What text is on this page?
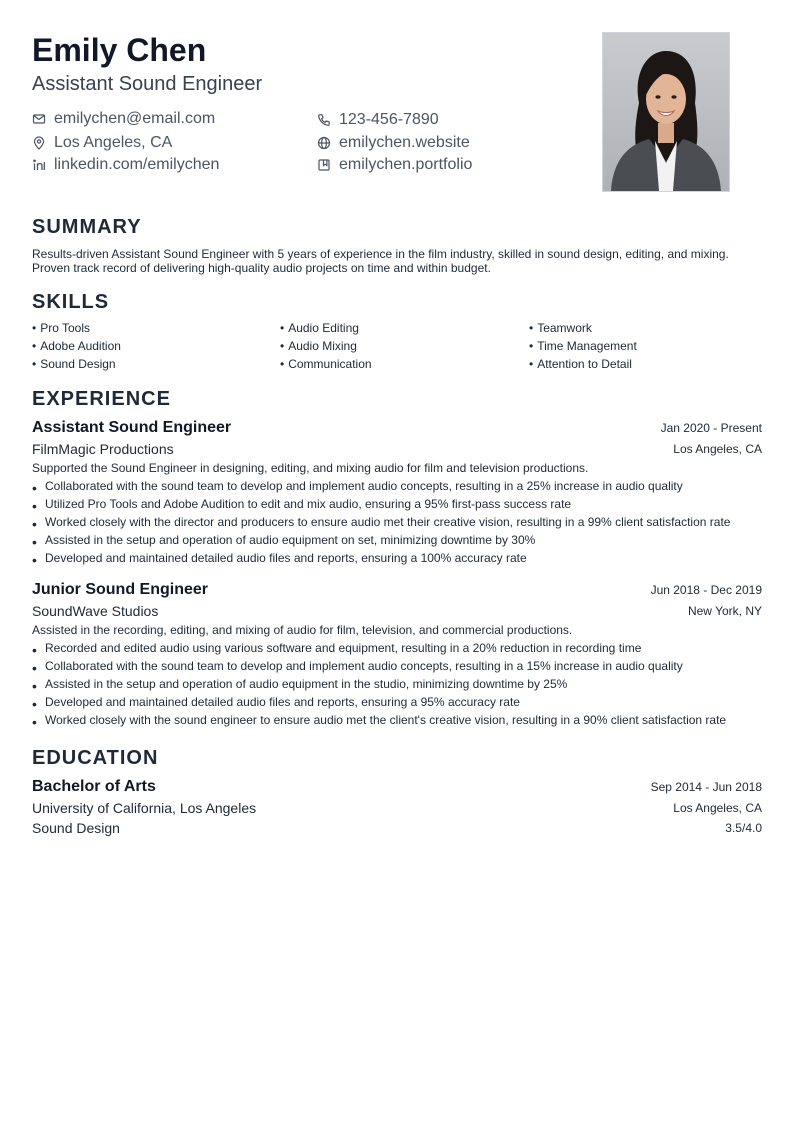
Emily Chen
Assistant Sound Engineer
emilychen@email.com	123-456-7890
Los Angeles, CA	emilychen.website
linkedin.com/emilychen	emilychen.portfolio
SUMMARY

Results-driven Assistant Sound Engineer with 5 years of experience in the film industry, skilled in sound design, editing, and mixing. Proven track record of delivering high-quality audio projects on time and within budget.

SKILLS
• Pro Tools	• Audio Editing	• Teamwork
• Adobe Audition	• Audio Mixing	• Time Management
• Sound Design	• Communication	• Attention to Detail
EXPERIENCE
Assistant Sound Engineer	Jan 2020 - Present
FilmMagic Productions	Los Angeles, CA
Supported the Sound Engineer in designing, editing, and mixing audio for film and television productions.
• Collaborated with the sound team to develop and implement audio concepts, resulting in a 25% increase in audio quality
• Utilized Pro Tools and Adobe Audition to edit and mix audio, ensuring a 95% first-pass success rate
• Worked closely with the director and producers to ensure audio met their creative vision, resulting in a 99% client satisfaction rate
• Assisted in the setup and operation of audio equipment on set, minimizing downtime by 30%
• Developed and maintained detailed audio files and reports, ensuring a 100% accuracy rate
Junior Sound Engineer	Jun 2018 - Dec 2019
SoundWave Studios	New York, NY
Assisted in the recording, editing, and mixing of audio for film, television, and commercial productions.
• Recorded and edited audio using various software and equipment, resulting in a 20% reduction in recording time
• Collaborated with the sound team to develop and implement audio concepts, resulting in a 15% increase in audio quality
• Assisted in the setup and operation of audio equipment in the studio, minimizing downtime by 25%
• Developed and maintained detailed audio files and reports, ensuring a 95% accuracy rate
• Worked closely with the sound engineer to ensure audio met the client's creative vision, resulting in a 90% client satisfaction rate
EDUCATION
Bachelor of Arts	Sep 2014 - Jun 2018
University of California, Los Angeles	Los Angeles, CA
Sound Design	3.5/4.0
